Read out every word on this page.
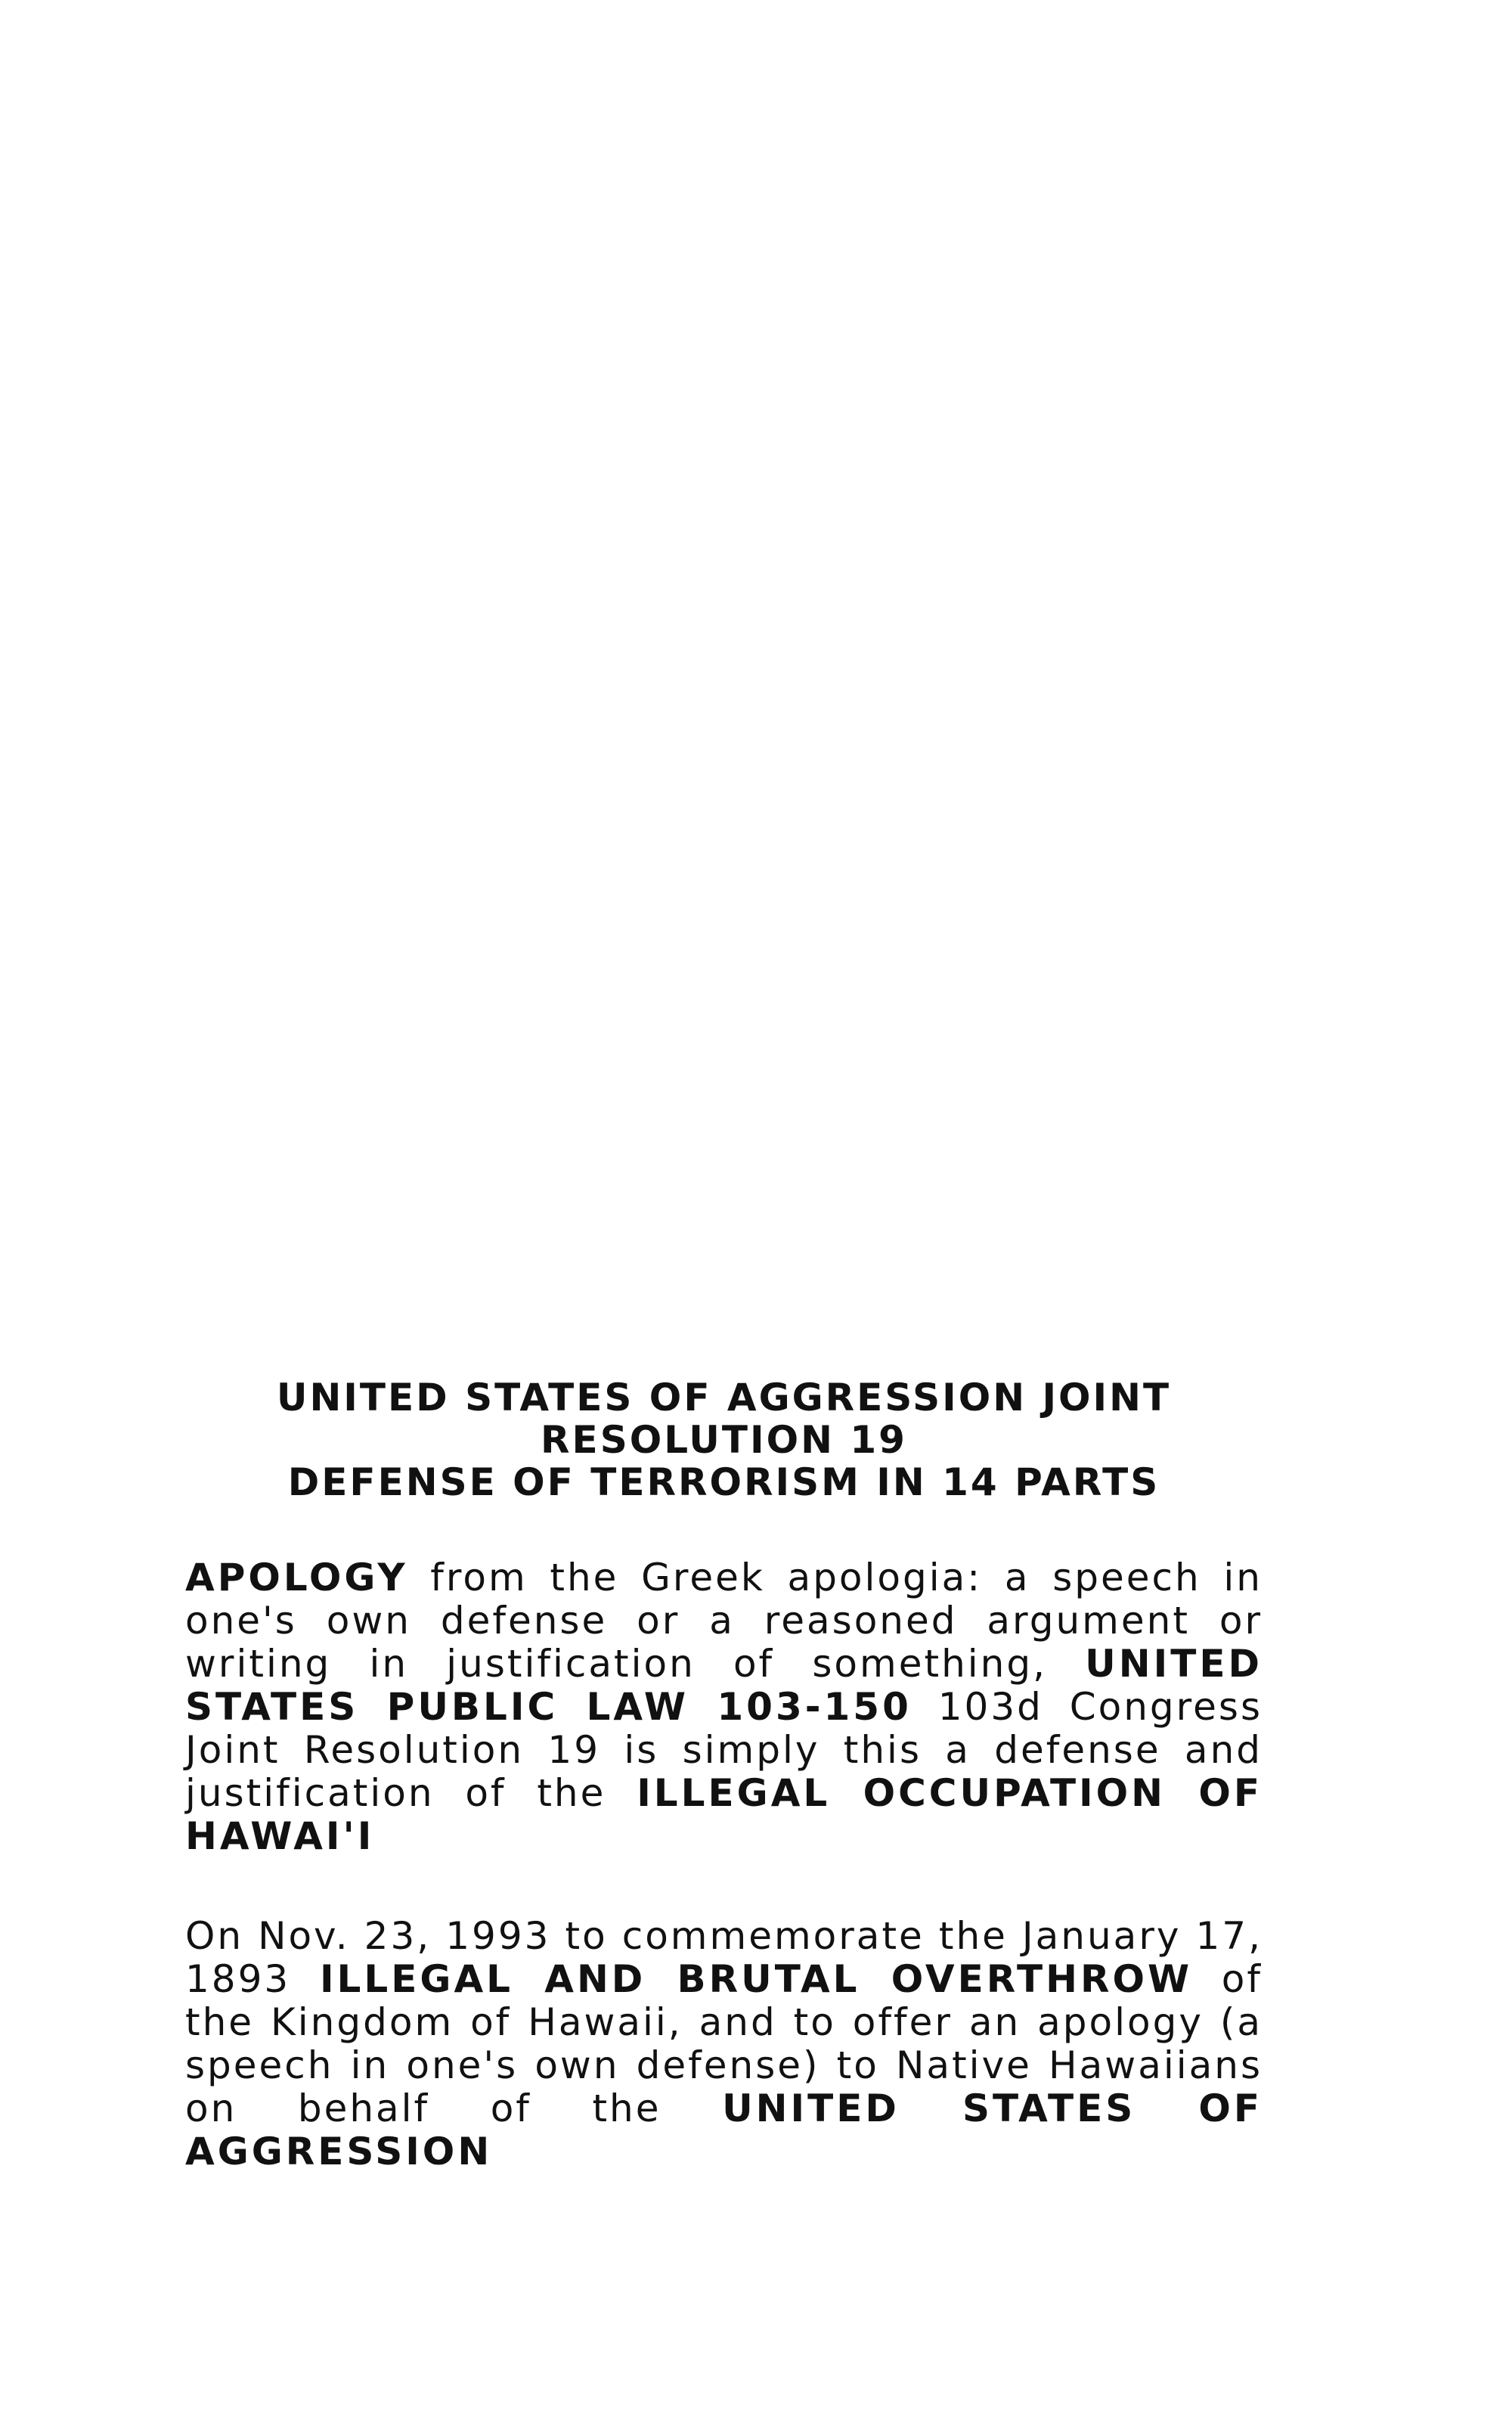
UNITED STATES OF AGGRESSION JOINT
RESOLUTION 19
DEFENSE OF TERRORISM IN 14 PARTS

APOLOGY from the Greek apologia: a speech in one's own defense or a reasoned argument or writing in justification of something, UNITED STATES PUBLIC LAW 103-150 103d Congress Joint Resolution 19 is simply this a defense and justification of the ILLEGAL OCCUPATION OF HAWAI'I

On Nov. 23, 1993 to commemorate the January 17, 1893 ILLEGAL AND BRUTAL OVERTHROW of the Kingdom of Hawaii, and to offer an apology (a speech in one's own defense) to Native Hawaiians on behalf of the UNITED STATES OF AGGRESSION
